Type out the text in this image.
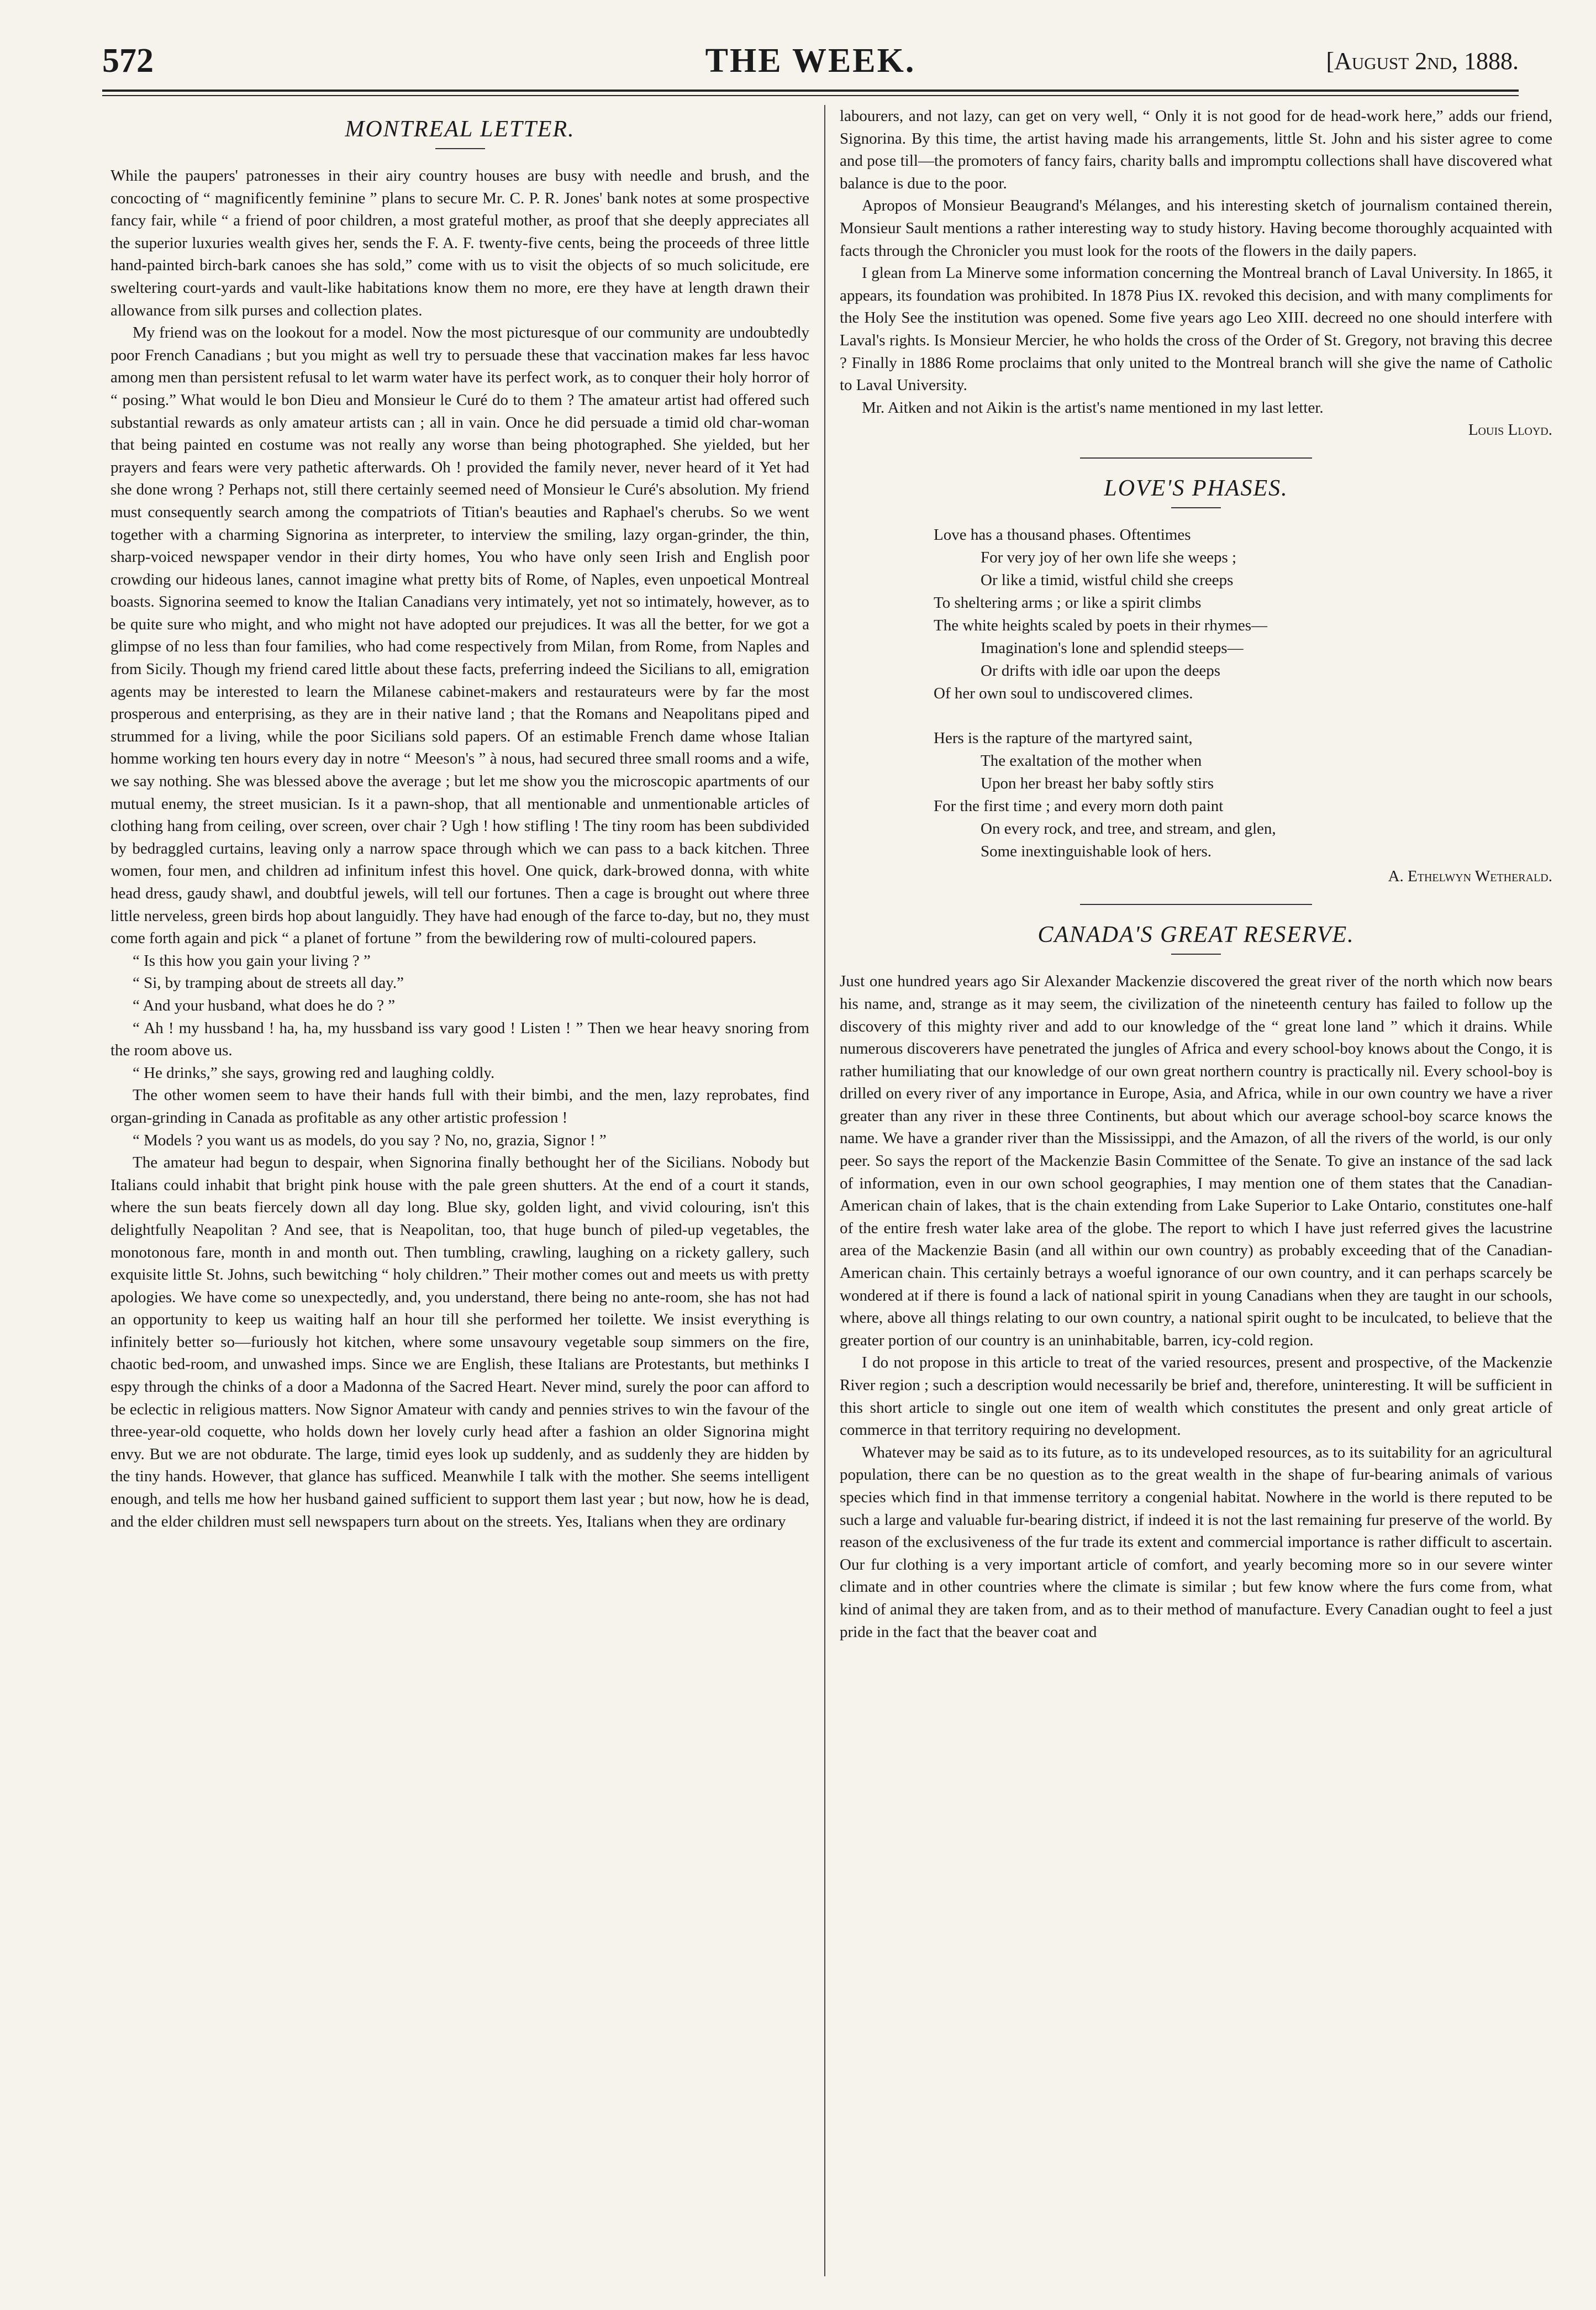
572	THE WEEK.	[August 2nd, 1888.
MONTREAL LETTER.

While the paupers' patronesses in their airy country houses are busy with needle and brush, and the concocting of “ magnificently feminine ” plans to secure Mr. C. P. R. Jones' bank notes at some prospective fancy fair, while “ a friend of poor children, a most grateful mother, as proof that she deeply appreciates all the superior luxuries wealth gives her, sends the F. A. F. twenty-five cents, being the proceeds of three little hand-painted birch-bark canoes she has sold,” come with us to visit the objects of so much solicitude, ere sweltering court-yards and vault-like habitations know them no more, ere they have at length drawn their allowance from silk purses and collection plates.

My friend was on the lookout for a model. Now the most picturesque of our community are undoubtedly poor French Canadians ; but you might as well try to persuade these that vaccination makes far less havoc among men than persistent refusal to let warm water have its perfect work, as to conquer their holy horror of “ posing.” What would le bon Dieu and Monsieur le Curé do to them ? The amateur artist had offered such substantial rewards as only amateur artists can ; all in vain. Once he did persuade a timid old char-woman that being painted en costume was not really any worse than being photographed. She yielded, but her prayers and fears were very pathetic afterwards. Oh ! provided the family never, never heard of it Yet had she done wrong ? Perhaps not, still there certainly seemed need of Monsieur le Curé's absolution. My friend must consequently search among the compatriots of Titian's beauties and Raphael's cherubs. So we went together with a charming Signorina as interpreter, to interview the smiling, lazy organ-grinder, the thin, sharp-voiced newspaper vendor in their dirty homes, You who have only seen Irish and English poor crowding our hideous lanes, cannot imagine what pretty bits of Rome, of Naples, even unpoetical Montreal boasts. Signorina seemed to know the Italian Canadians very intimately, yet not so intimately, however, as to be quite sure who might, and who might not have adopted our prejudices. It was all the better, for we got a glimpse of no less than four families, who had come respectively from Milan, from Rome, from Naples and from Sicily. Though my friend cared little about these facts, preferring indeed the Sicilians to all, emigration agents may be interested to learn the Milanese cabinet-makers and restaurateurs were by far the most prosperous and enterprising, as they are in their native land ; that the Romans and Neapolitans piped and strummed for a living, while the poor Sicilians sold papers. Of an estimable French dame whose Italian homme working ten hours every day in notre “ Meeson's ” à nous, had secured three small rooms and a wife, we say nothing. She was blessed above the average ; but let me show you the microscopic apartments of our mutual enemy, the street musician. Is it a pawn-shop, that all mentionable and unmentionable articles of clothing hang from ceiling, over screen, over chair ? Ugh ! how stifling ! The tiny room has been subdivided by bedraggled curtains, leaving only a narrow space through which we can pass to a back kitchen. Three women, four men, and children ad infinitum infest this hovel. One quick, dark-browed donna, with white head dress, gaudy shawl, and doubtful jewels, will tell our fortunes. Then a cage is brought out where three little nerveless, green birds hop about languidly. They have had enough of the farce to-day, but no, they must come forth again and pick “ a planet of fortune ” from the bewildering row of multi-coloured papers.

“ Is this how you gain your living ? ”

“ Si, by tramping about de streets all day.”

“ And your husband, what does he do ? ”

“ Ah ! my hussband ! ha, ha, my hussband iss vary good ! Listen ! ” Then we hear heavy snoring from the room above us.

“ He drinks,” she says, growing red and laughing coldly.

The other women seem to have their hands full with their bimbi, and the men, lazy reprobates, find organ-grinding in Canada as profitable as any other artistic profession !

“ Models ? you want us as models, do you say ? No, no, grazia, Signor ! ”

The amateur had begun to despair, when Signorina finally bethought her of the Sicilians. Nobody but Italians could inhabit that bright pink house with the pale green shutters. At the end of a court it stands, where the sun beats fiercely down all day long. Blue sky, golden light, and vivid colouring, isn't this delightfully Neapolitan ? And see, that is Neapolitan, too, that huge bunch of piled-up vegetables, the monotonous fare, month in and month out. Then tumbling, crawling, laughing on a rickety gallery, such exquisite little St. Johns, such bewitching “ holy children.” Their mother comes out and meets us with pretty apologies. We have come so unexpectedly, and, you understand, there being no ante-room, she has not had an opportunity to keep us waiting half an hour till she performed her toilette. We insist everything is infinitely better so—furiously hot kitchen, where some unsavoury vegetable soup simmers on the fire, chaotic bed-room, and unwashed imps. Since we are English, these Italians are Protestants, but methinks I espy through the chinks of a door a Madonna of the Sacred Heart. Never mind, surely the poor can afford to be eclectic in religious matters. Now Signor Amateur with candy and pennies strives to win the favour of the three-year-old coquette, who holds down her lovely curly head after a fashion an older Signorina might envy. But we are not obdurate. The large, timid eyes look up suddenly, and as suddenly they are hidden by the tiny hands. However, that glance has sufficed. Meanwhile I talk with the mother. She seems intelligent enough, and tells me how her husband gained sufficient to support them last year ; but now, how he is dead, and the elder children must sell newspapers turn about on the streets. Yes, Italians when they are ordinary

labourers, and not lazy, can get on very well, “ Only it is not good for de head-work here,” adds our friend, Signorina. By this time, the artist having made his arrangements, little St. John and his sister agree to come and pose till—the promoters of fancy fairs, charity balls and impromptu collections shall have discovered what balance is due to the poor.

Apropos of Monsieur Beaugrand's Mélanges, and his interesting sketch of journalism contained therein, Monsieur Sault mentions a rather interesting way to study history. Having become thoroughly acquainted with facts through the Chronicler you must look for the roots of the flowers in the daily papers.

I glean from La Minerve some information concerning the Montreal branch of Laval University. In 1865, it appears, its foundation was prohibited. In 1878 Pius IX. revoked this decision, and with many compliments for the Holy See the institution was opened. Some five years ago Leo XIII. decreed no one should interfere with Laval's rights. Is Monsieur Mercier, he who holds the cross of the Order of St. Gregory, not braving this decree ? Finally in 1886 Rome proclaims that only united to the Montreal branch will she give the name of Catholic to Laval University.

Mr. Aitken and not Aikin is the artist's name mentioned in my last letter.

Louis Lloyd.
LOVE'S PHASES.
Love has a thousand phases. Oftentimes
For very joy of her own life she weeps ;
Or like a timid, wistful child she creeps
To sheltering arms ; or like a spirit climbs
The white heights scaled by poets in their rhymes—
Imagination's lone and splendid steeps—
Or drifts with idle oar upon the deeps
Of her own soul to undiscovered climes.
Hers is the rapture of the martyred saint,
The exaltation of the mother when
Upon her breast her baby softly stirs
For the first time ; and every morn doth paint
On every rock, and tree, and stream, and glen,
Some inextinguishable look of hers.
A. Ethelwyn Wetherald.
CANADA'S GREAT RESERVE.

Just one hundred years ago Sir Alexander Mackenzie discovered the great river of the north which now bears his name, and, strange as it may seem, the civilization of the nineteenth century has failed to follow up the discovery of this mighty river and add to our knowledge of the “ great lone land ” which it drains. While numerous discoverers have penetrated the jungles of Africa and every school-boy knows about the Congo, it is rather humiliating that our knowledge of our own great northern country is practically nil. Every school-boy is drilled on every river of any importance in Europe, Asia, and Africa, while in our own country we have a river greater than any river in these three Continents, but about which our average school-boy scarce knows the name. We have a grander river than the Mississippi, and the Amazon, of all the rivers of the world, is our only peer. So says the report of the Mackenzie Basin Committee of the Senate. To give an instance of the sad lack of information, even in our own school geographies, I may mention one of them states that the Canadian-American chain of lakes, that is the chain extending from Lake Superior to Lake Ontario, constitutes one-half of the entire fresh water lake area of the globe. The report to which I have just referred gives the lacustrine area of the Mackenzie Basin (and all within our own country) as probably exceeding that of the Canadian-American chain. This certainly betrays a woeful ignorance of our own country, and it can perhaps scarcely be wondered at if there is found a lack of national spirit in young Canadians when they are taught in our schools, where, above all things relating to our own country, a national spirit ought to be inculcated, to believe that the greater portion of our country is an uninhabitable, barren, icy-cold region.

I do not propose in this article to treat of the varied resources, present and prospective, of the Mackenzie River region ; such a description would necessarily be brief and, therefore, uninteresting. It will be sufficient in this short article to single out one item of wealth which constitutes the present and only great article of commerce in that territory requiring no development.

Whatever may be said as to its future, as to its undeveloped resources, as to its suitability for an agricultural population, there can be no question as to the great wealth in the shape of fur-bearing animals of various species which find in that immense territory a congenial habitat. Nowhere in the world is there reputed to be such a large and valuable fur-bearing district, if indeed it is not the last remaining fur preserve of the world. By reason of the exclusiveness of the fur trade its extent and commercial importance is rather difficult to ascertain. Our fur clothing is a very important article of comfort, and yearly becoming more so in our severe winter climate and in other countries where the climate is similar ; but few know where the furs come from, what kind of animal they are taken from, and as to their method of manufacture. Every Canadian ought to feel a just pride in the fact that the beaver coat and
